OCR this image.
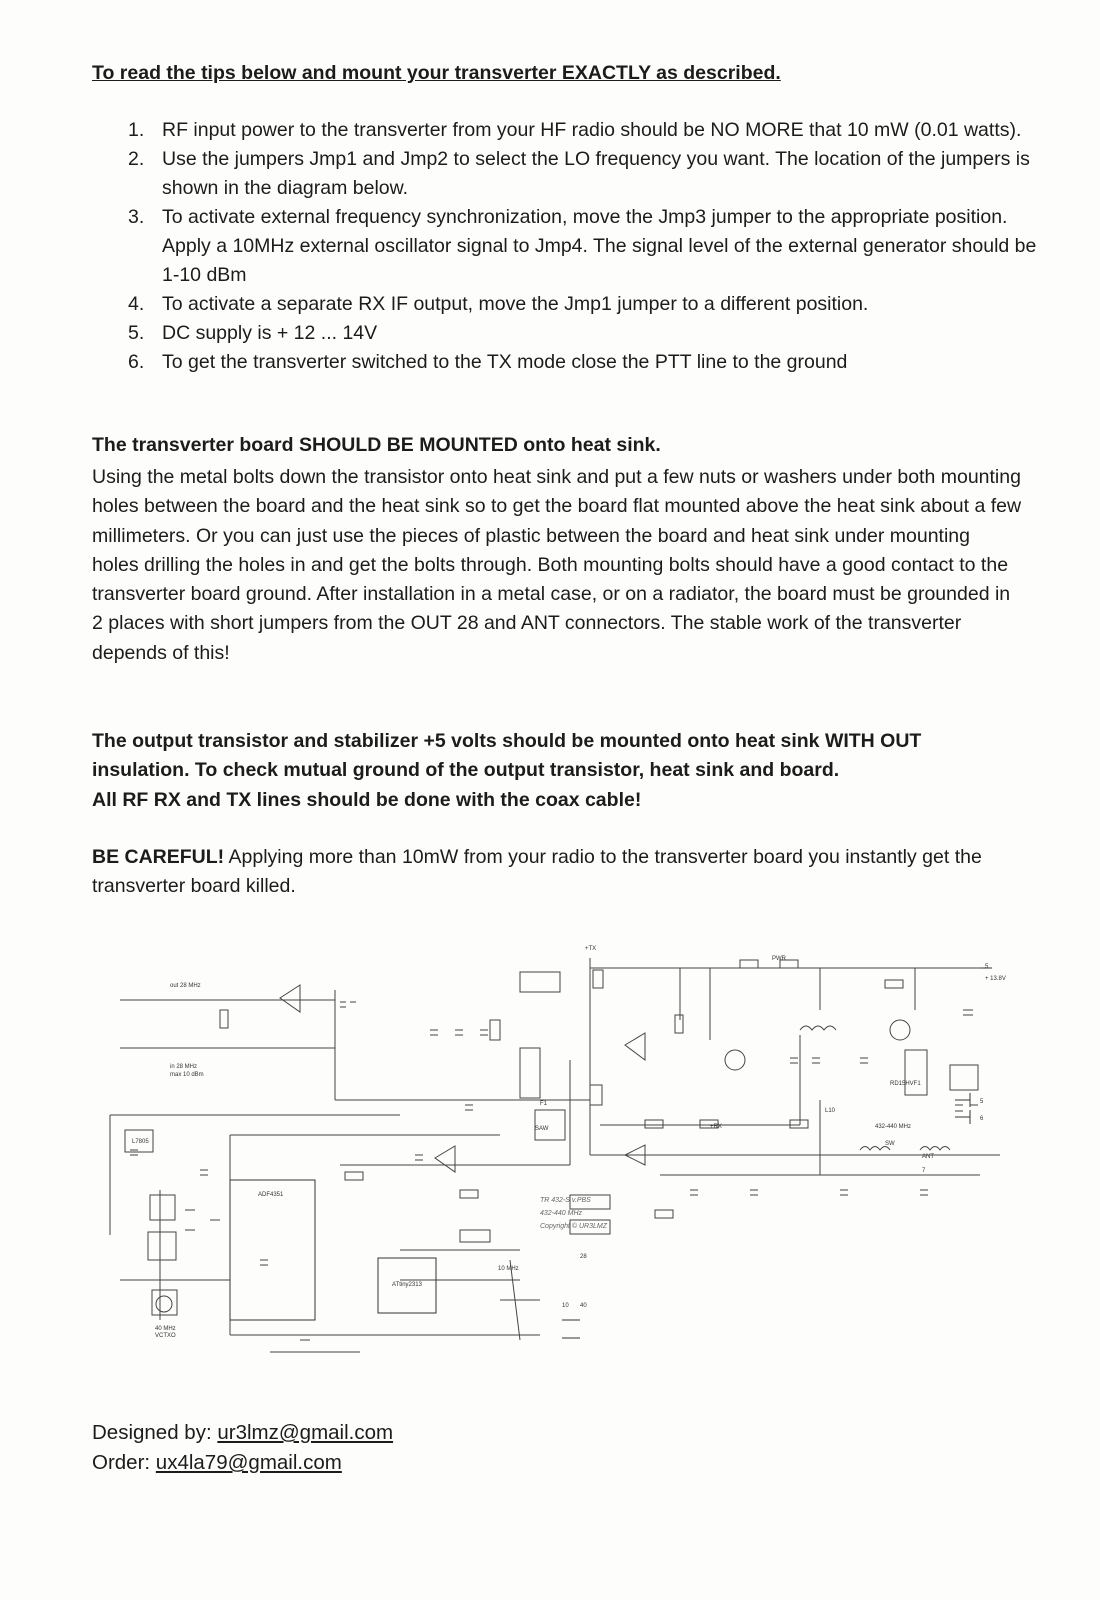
To read the tips below and mount your transverter EXACTLY as described.

1. RF input power to the transverter from your HF radio should be NO MORE that 10 mW (0.01 watts).
2. Use the jumpers Jmp1 and Jmp2 to select the LO frequency you want. The location of the jumpers is shown in the diagram below.
3. To activate external frequency synchronization, move the Jmp3 jumper to the appropriate position. Apply a 10MHz external oscillator signal to Jmp4. The signal level of the external generator should be 1-10 dBm
4. To activate a separate RX IF output, move the Jmp1 jumper to a different position.
5. DC supply is + 12 ... 14V
6. To get the transverter switched to the TX mode close the PTT line to the ground

The transverter board SHOULD BE MOUNTED onto heat sink.

Using the metal bolts down the transistor onto heat sink and put a few nuts or washers under both mounting holes between the board and the heat sink so to get the board flat mounted above the heat sink about a few millimeters. Or you can just use the pieces of plastic between the board and heat sink under mounting holes drilling the holes in and get the bolts through. Both mounting bolts should have a good contact to the transverter board ground. After installation in a metal case, or on a radiator, the board must be grounded in 2 places with short jumpers from the OUT 28 and ANT connectors. The stable work of the transverter depends of this!

The output transistor and stabilizer +5 volts should be mounted onto heat sink WITH OUT insulation. To check mutual ground of the output transistor, heat sink and board.
All RF RX and TX lines should be done with the coax cable!

BE CAREFUL! Applying more than 10mW from your radio to the transverter board you instantly get the transverter board killed.

out 28 MHz
in 28 MHz
max 10 dBm
+TX
+RX
PWR
+ 13.8V
5
5
6
ANT
7
432-440 MHz
SW
L10
RD15HVF1
L7805
40 MHz
VCTXO
ADF4351
ATtiny2313
SAW
F1
10 MHz
10 40
28
TR 432-S v.PBS
432-440 MHz
Copyright © UR3LMZ
Designed by: ur3lmz@gmail.com
Order: ux4la79@gmail.com
